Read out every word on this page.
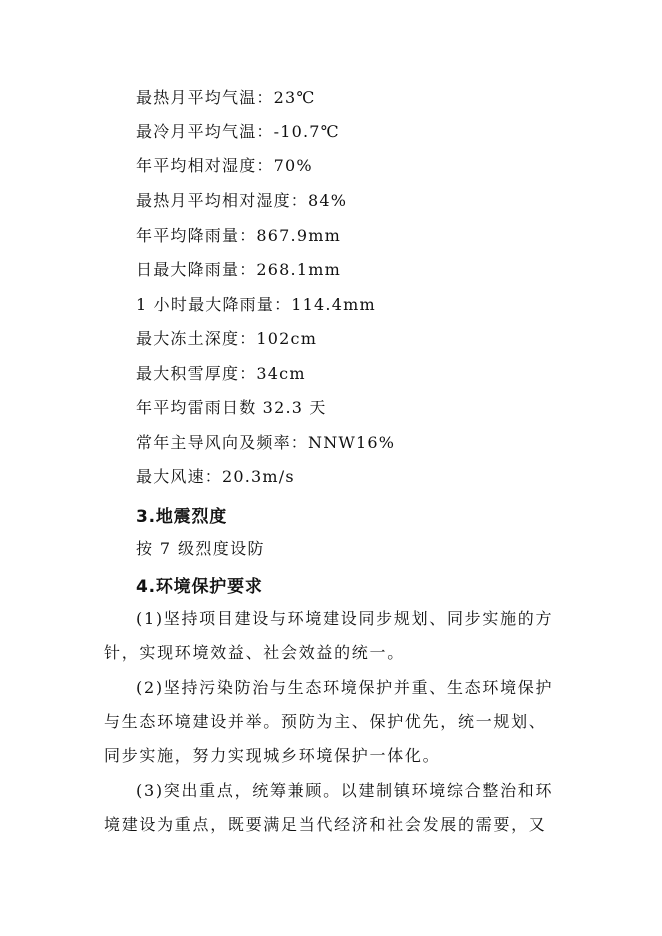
最热月平均气温：23℃
最冷月平均气温：-10.7℃
年平均相对湿度：70%
最热月平均相对湿度：84%
年平均降雨量：867.9mm
日最大降雨量：268.1mm
1 小时最大降雨量：114.4mm
最大冻土深度：102cm
最大积雪厚度：34cm
年平均雷雨日数 32.3 天
常年主导风向及频率：NNW16%
最大风速：20.3m/s
3.地震烈度
按 7 级烈度设防
4.环境保护要求
(1)坚持项目建设与环境建设同步规划、同步实施的方
针，实现环境效益、社会效益的统一。
(2)坚持污染防治与生态环境保护并重、生态环境保护
与生态环境建设并举。预防为主、保护优先，统一规划、
同步实施，努力实现城乡环境保护一体化。
(3)突出重点，统筹兼顾。以建制镇环境综合整治和环
境建设为重点，既要满足当代经济和社会发展的需要，又
